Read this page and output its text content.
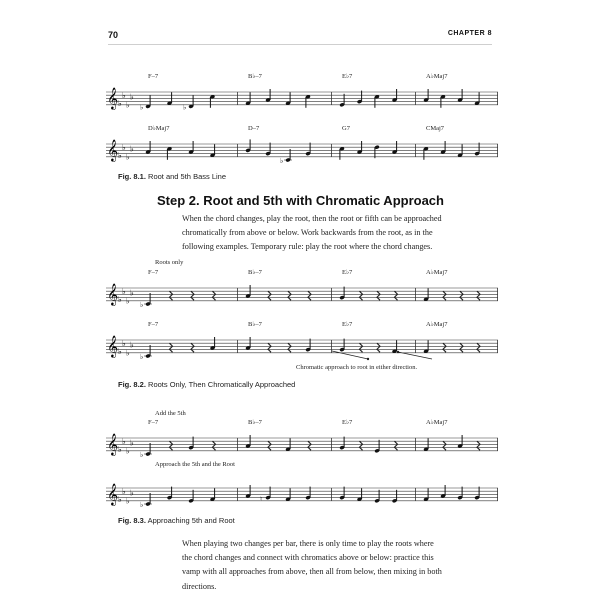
70	CHAPTER 8
𝄞 ♭
♭
♭
♭
♭	♭
F–7	B♭–7	E♭7	A♭Maj7
𝄞 ♭
♭
♭
♭
♭
D♭Maj7	D–7	G7	CMaj7
Fig. 8.1. Root and 5th Bass Line
Step 2. Root and 5th with Chromatic Approach
When the chord changes, play the root, then the root or fifth can be approached
chromatically from above or below. Work backwards from the root, as in the
following examples. Temporary rule: play the root where the chord changes.
Roots only
𝄞 ♭
♭
♭
♭
♭
F–7	B♭–7	E♭7	A♭Maj7
𝄞 ♭
♭
♭
♭
♭
F–7	B♭–7	E♭7	A♭Maj7
Chromatic approach to root in either direction.
Fig. 8.2. Roots Only, Then Chromatically Approached
Add the 5th
𝄞 ♭
♭
♭
♭
♭
F–7	B♭–7	E♭7	A♭Maj7
Approach the 5th and the Root
𝄞 ♭
♭
♭
♭
♭
♮
Fig. 8.3. Approaching 5th and Root
When playing two changes per bar, there is only time to play the roots where
the chord changes and connect with chromatics above or below: practice this
vamp with all approaches from above, then all from below, then mixing in both
directions.
